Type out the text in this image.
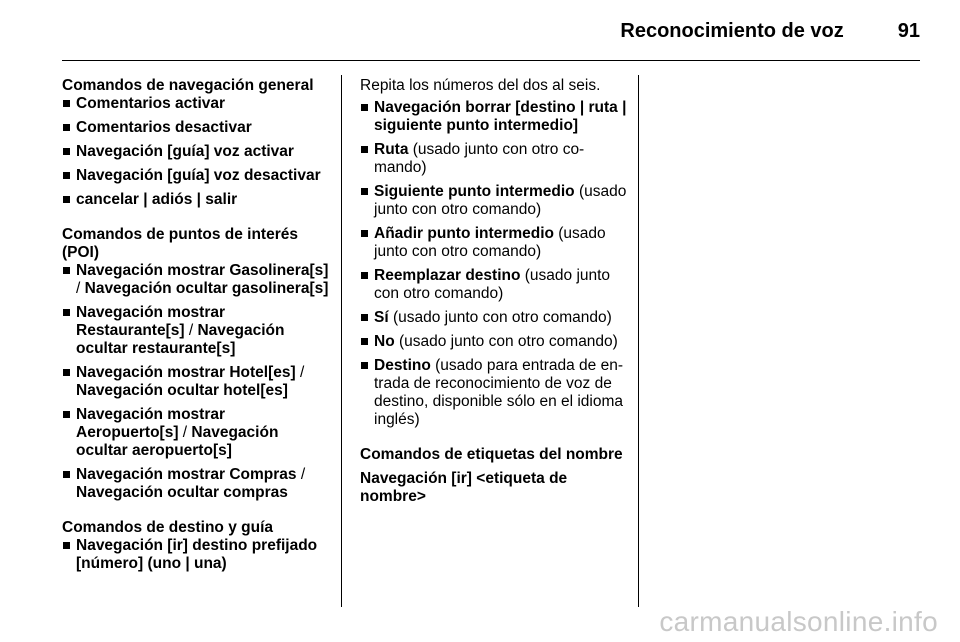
Reconocimiento de voz	91
Comandos de navegación general
Comentarios activar
Comentarios desactivar
Navegación [guía] voz activar
Navegación [guía] voz desactivar
cancelar | adiós | salir
Comandos de puntos de interés (POI)
Navegación mostrar Gasolinera[s] / Navegación ocultar gasolinera[s]
Navegación mostrar Restaurante[s] / Navegación ocultar restaurante[s]
Navegación mostrar Hotel[es] / Navegación ocultar hotel[es]
Navegación mostrar Aeropuerto[s] / Navegación ocultar aeropuerto[s]
Navegación mostrar Compras / Navegación ocultar compras
Comandos de destino y guía
Navegación [ir] destino prefijado [número] (uno | una)
Repita los números del dos al seis.
Navegación borrar [destino | ruta | siguiente punto intermedio]
Ruta (usado junto con otro co-mando)
Siguiente punto intermedio (usado junto con otro comando)
Añadir punto intermedio (usado junto con otro comando)
Reemplazar destino (usado junto con otro comando)
Sí (usado junto con otro comando)
No (usado junto con otro comando)
Destino (usado para entrada de en-trada de reconocimiento de voz de destino, disponible sólo en el idioma inglés)
Comandos de etiquetas del nombre
Navegación [ir] <etiqueta de nombre>
carmanualsonline.info
